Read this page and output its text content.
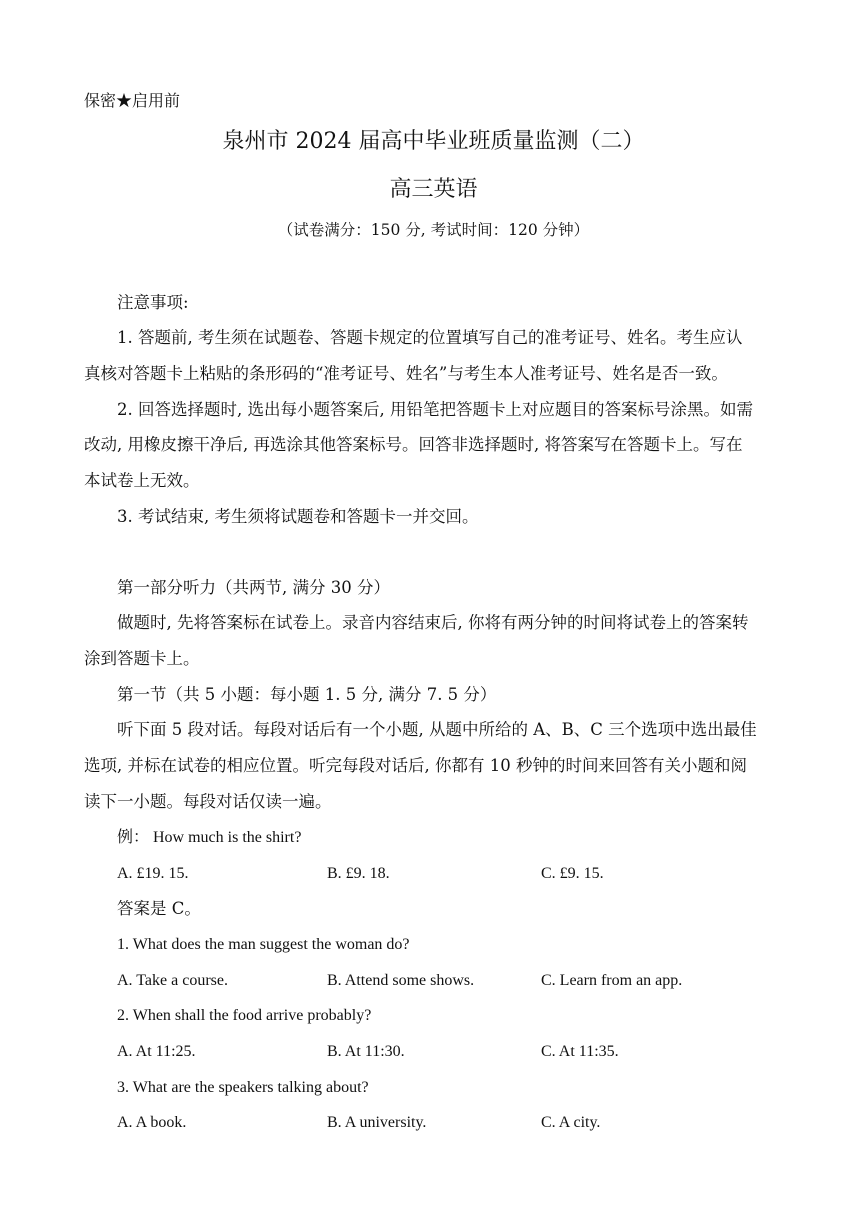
保密★启用前
泉州市 2024 届高中毕业班质量监测（二）
高三英语
（试卷满分：150 分, 考试时间：120 分钟）
注意事项:
1. 答题前, 考生须在试题卷、答题卡规定的位置填写自己的准考证号、姓名。考生应认
真核对答题卡上粘贴的条形码的“准考证号、姓名”与考生本人准考证号、姓名是否一致。
2. 回答选择题时, 选出每小题答案后, 用铅笔把答题卡上对应题目的答案标号涂黑。如需
改动, 用橡皮擦干净后, 再选涂其他答案标号。回答非选择题时, 将答案写在答题卡上。写在
本试卷上无效。
3. 考试结束, 考生须将试题卷和答题卡一并交回。
第一部分听力（共两节, 满分 30 分）
做题时, 先将答案标在试卷上。录音内容结束后, 你将有两分钟的时间将试卷上的答案转
涂到答题卡上。
第一节（共 5 小题：每小题 1. 5 分, 满分 7. 5 分）
听下面 5 段对话。每段对话后有一个小题, 从题中所给的 A、B、C 三个选项中选出最佳
选项, 并标在试卷的相应位置。听完每段对话后, 你都有 10 秒钟的时间来回答有关小题和阅
读下一小题。每段对话仅读一遍。
例： How much is the shirt?
A. £19. 15.	B. £9. 18.	C. £9. 15.
答案是 C。
1. What does the man suggest the woman do?
A. Take a course.	B. Attend some shows.	C. Learn from an app.
2. When shall the food arrive probably?
A. At 11:25.	B. At 11:30.	C. At 11:35.
3. What are the speakers talking about?
A. A book.	B. A university.	C. A city.
